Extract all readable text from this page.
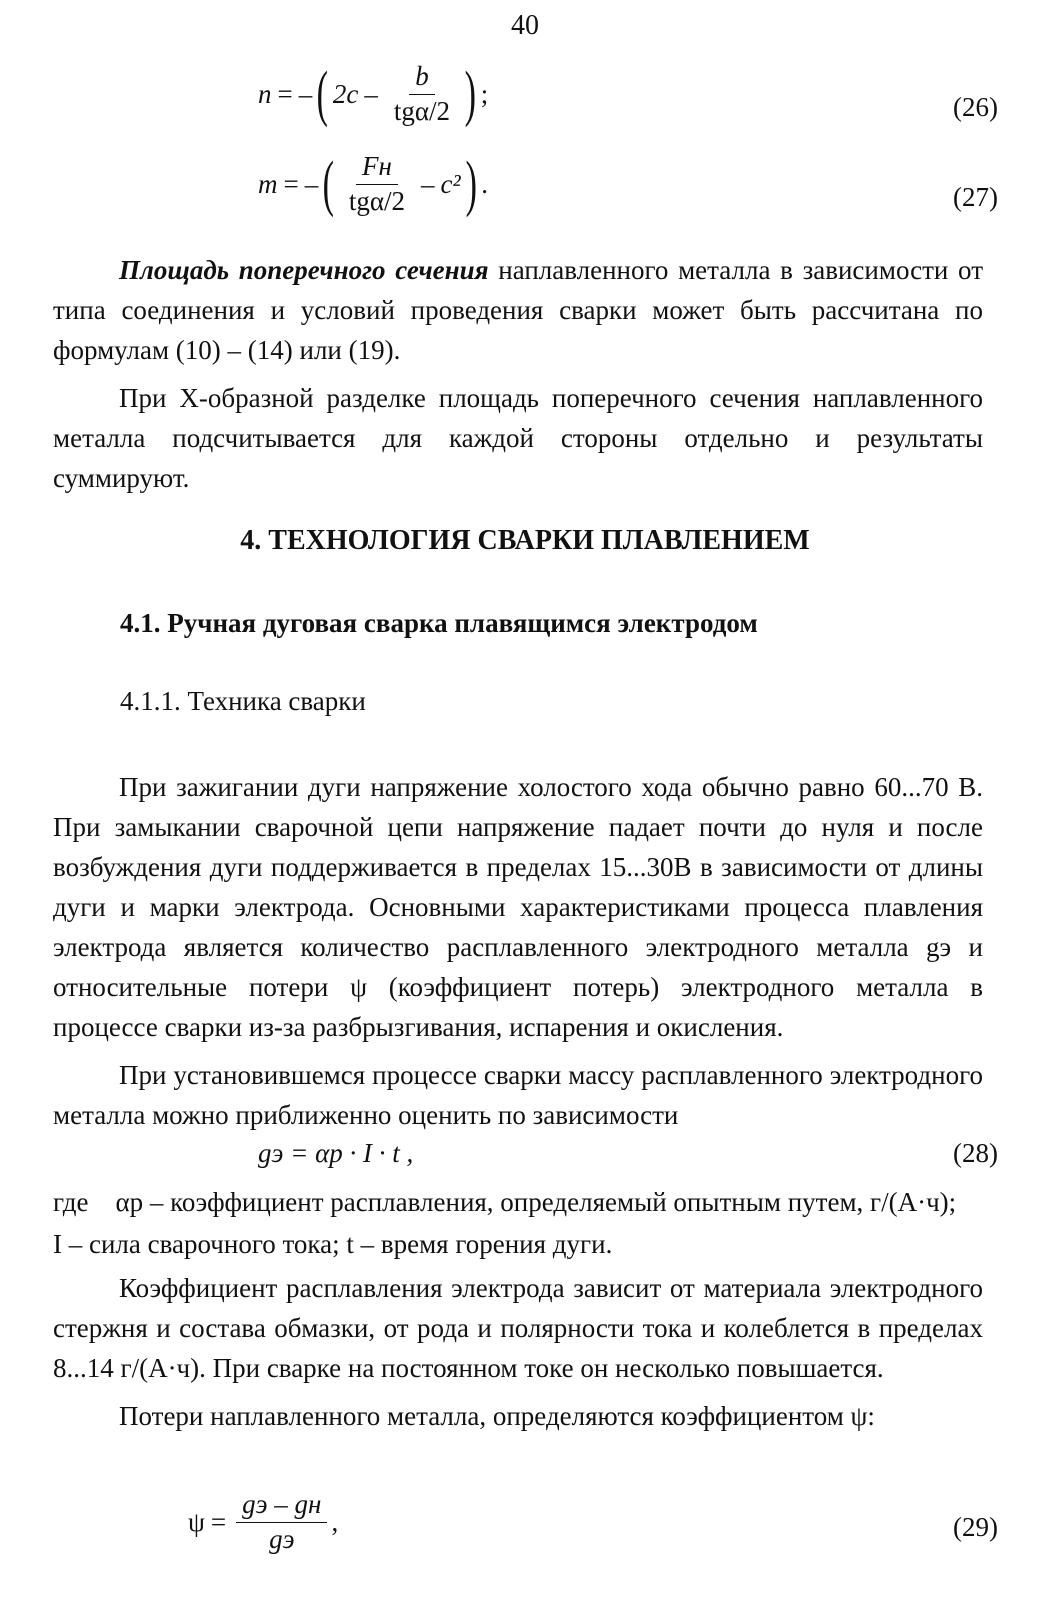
40
n = – ( $2c - \frac{b}{\text{tgα/2}}$ ) ;	(26)
m = – ( $\frac{Fн}{\text{tgα/2}} - c^2$ ) .	(27)

Площадь поперечного сечения наплавленного металла в зависимости от типа соединения и условий проведения сварки может быть рассчитана по формулам (10) – (14) или (19).

При Х-образной разделке площадь поперечного сечения наплавленного металла подсчитывается для каждой стороны отдельно и результаты суммируют.

4. ТЕХНОЛОГИЯ СВАРКИ ПЛАВЛЕНИЕМ
4.1. Ручная дуговая сварка плавящимся электродом
4.1.1. Техника сварки

При зажигании дуги напряжение холостого хода обычно равно 60...70 В. При замыкании сварочной цепи напряжение падает почти до нуля и после возбуждения дуги поддерживается в пределах 15...30В в зависимости от длины дуги и марки электрода. Основными характеристиками процесса плавления электрода является количество расплавленного электродного металла gэ и относительные потери ψ (коэффициент потерь) электродного металла в процессе сварки из-за разбрызгивания, испарения и окисления.

При установившемся процессе сварки массу расплавленного электродного металла можно приближенно оценить по зависимости

gэ = αр · I · t ,	(28)
где    αр – коэффициент расплавления, определяемый опытным путем, г/(А·ч);
I – сила сварочного тока; t – время горения дуги.

Коэффициент расплавления электрода зависит от материала электродного стержня и состава обмазки, от рода и полярности тока и колеблется в пределах 8...14 г/(А·ч). При сварке на постоянном токе он несколько повышается.

Потери наплавленного металла, определяются коэффициентом ψ:

$\psi = \frac{gэ - gн}{gэ}$ ,	(29)
